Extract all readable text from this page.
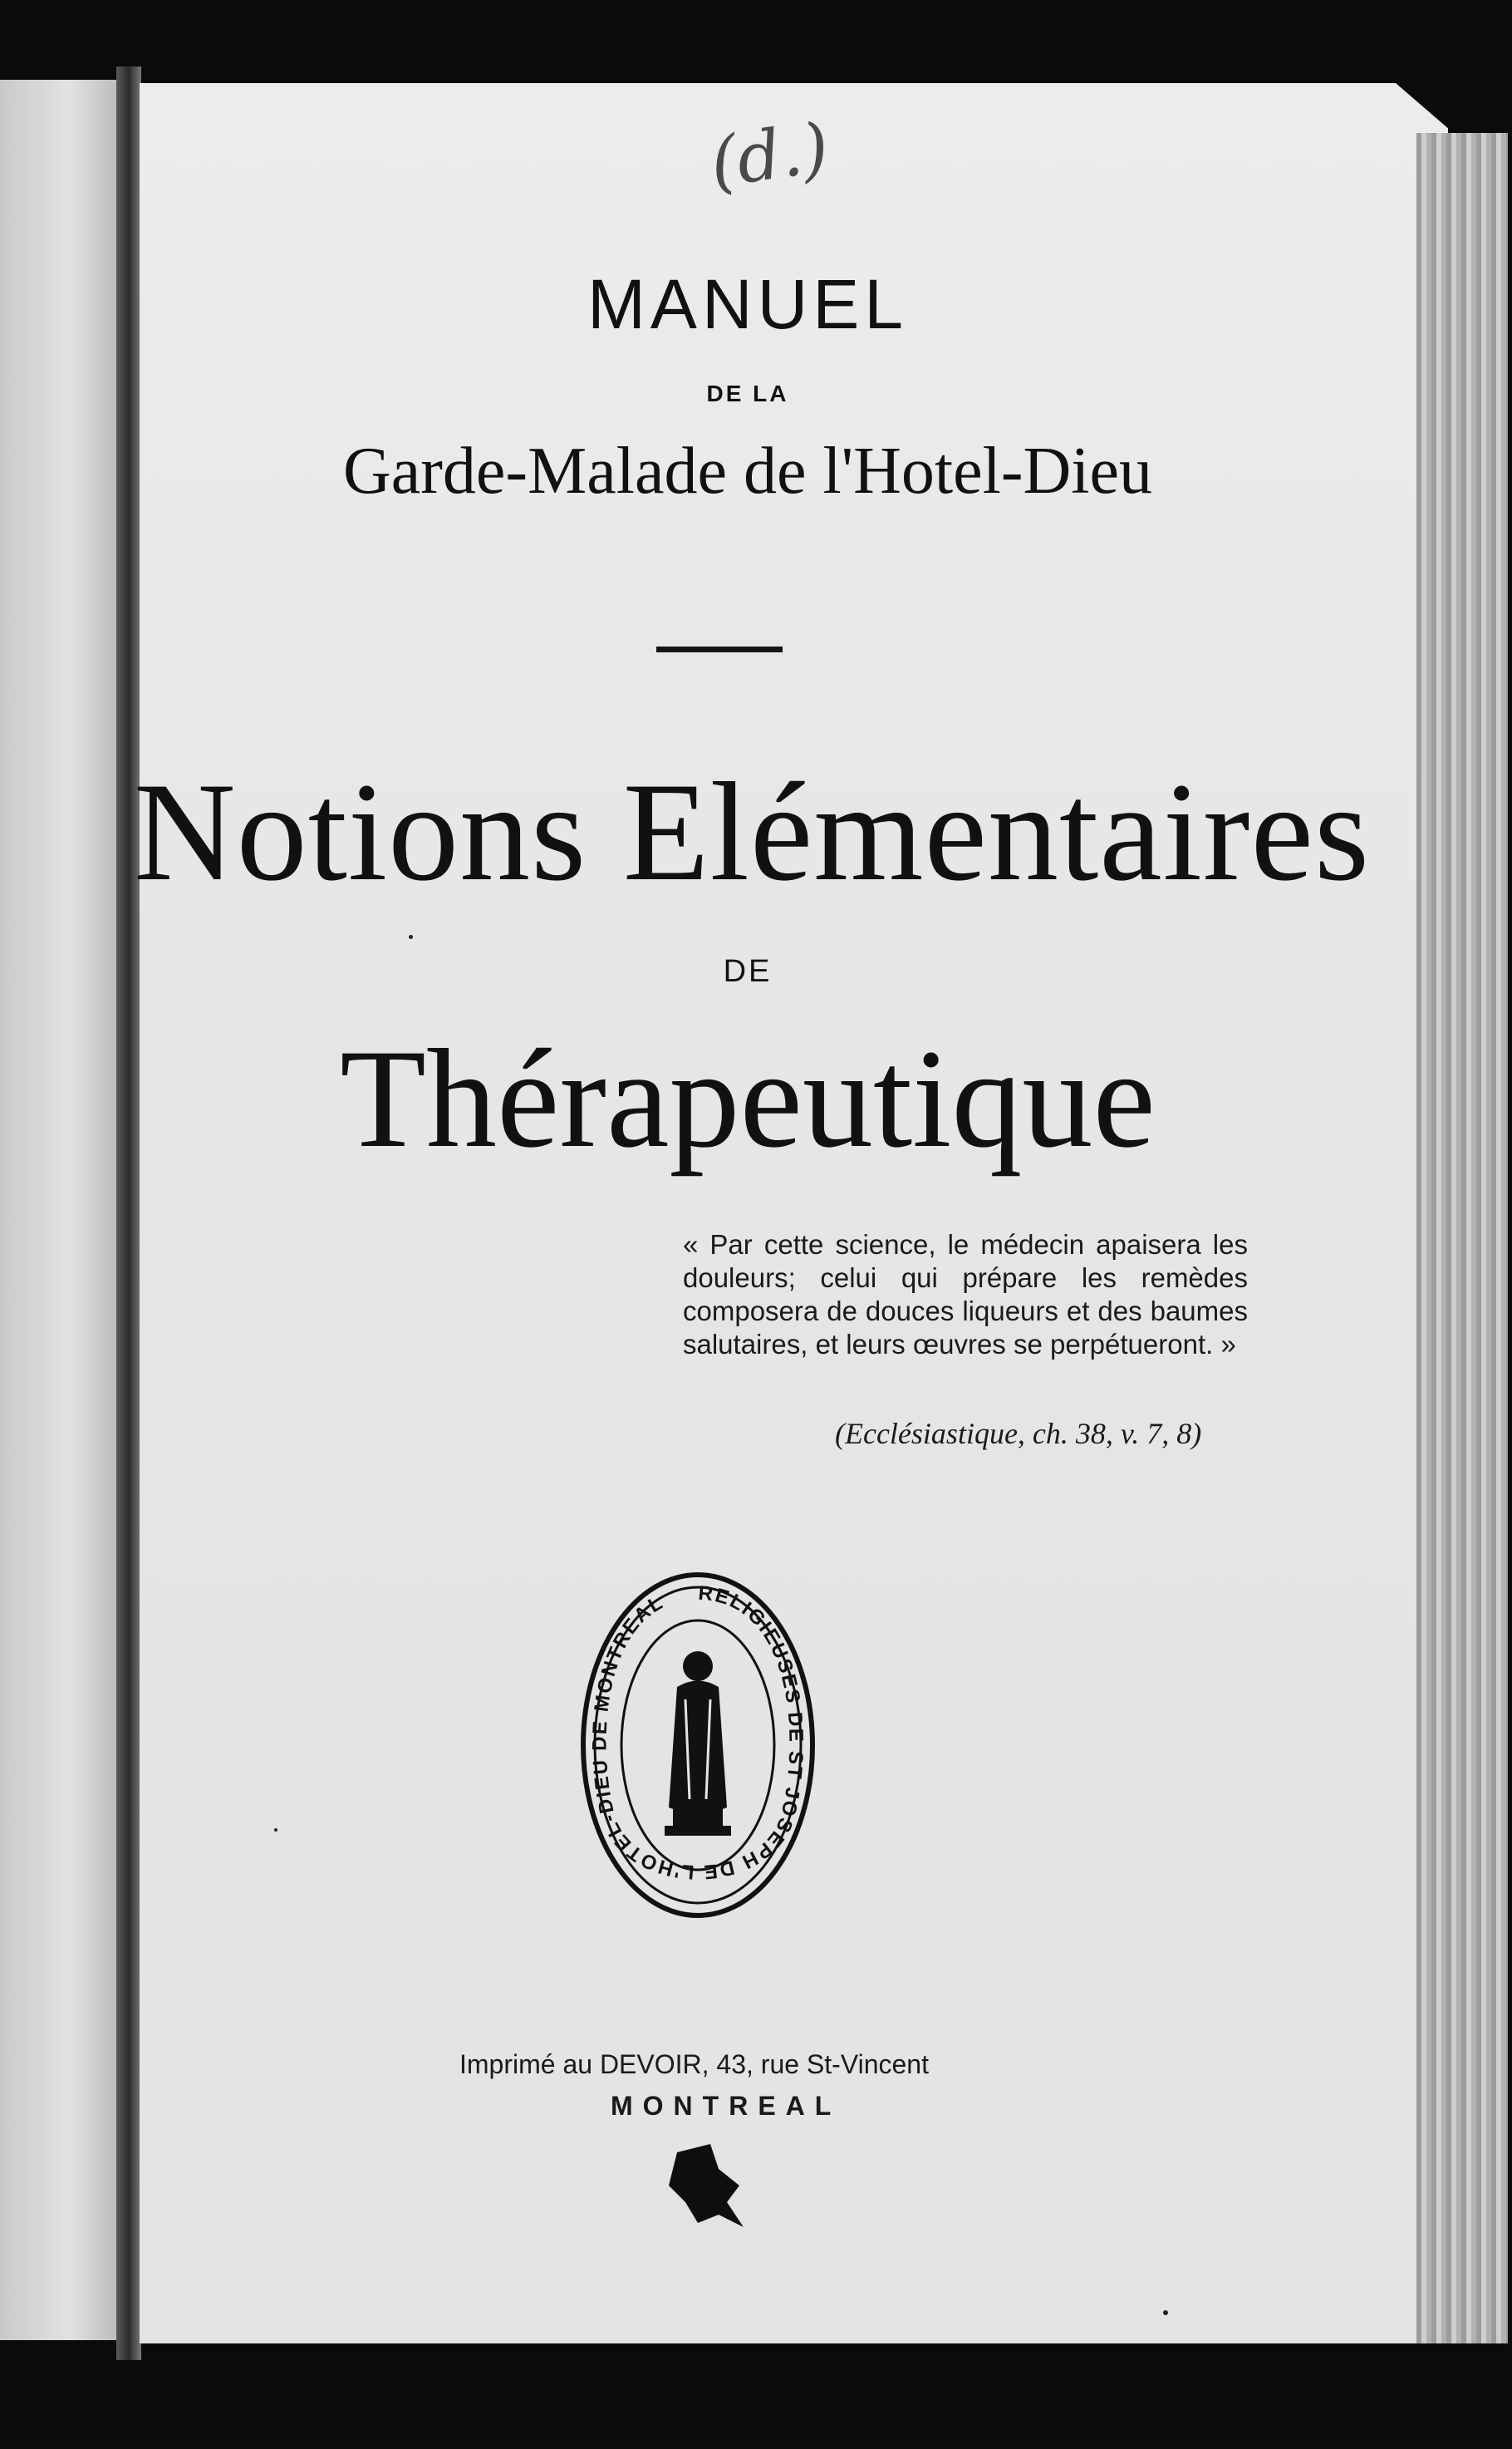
(d.)
MANUEL
DE LA
Garde-Malade de l'Hotel-Dieu
Notions Elémentaires
DE
Thérapeutique
« Par cette science, le médecin apaisera les douleurs; celui qui prépare les remèdes composera de douces liqueurs et des baumes salutaires, et leurs œuvres se perpétueront. »
(Ecclésiastique, ch. 38, v. 7, 8)
RELIGIEUSES DE ST JOSEPH DE L'HOTEL-DIEU DE MONTREAL
Imprimé au DEVOIR, 43, rue St-Vincent
MONTREAL
